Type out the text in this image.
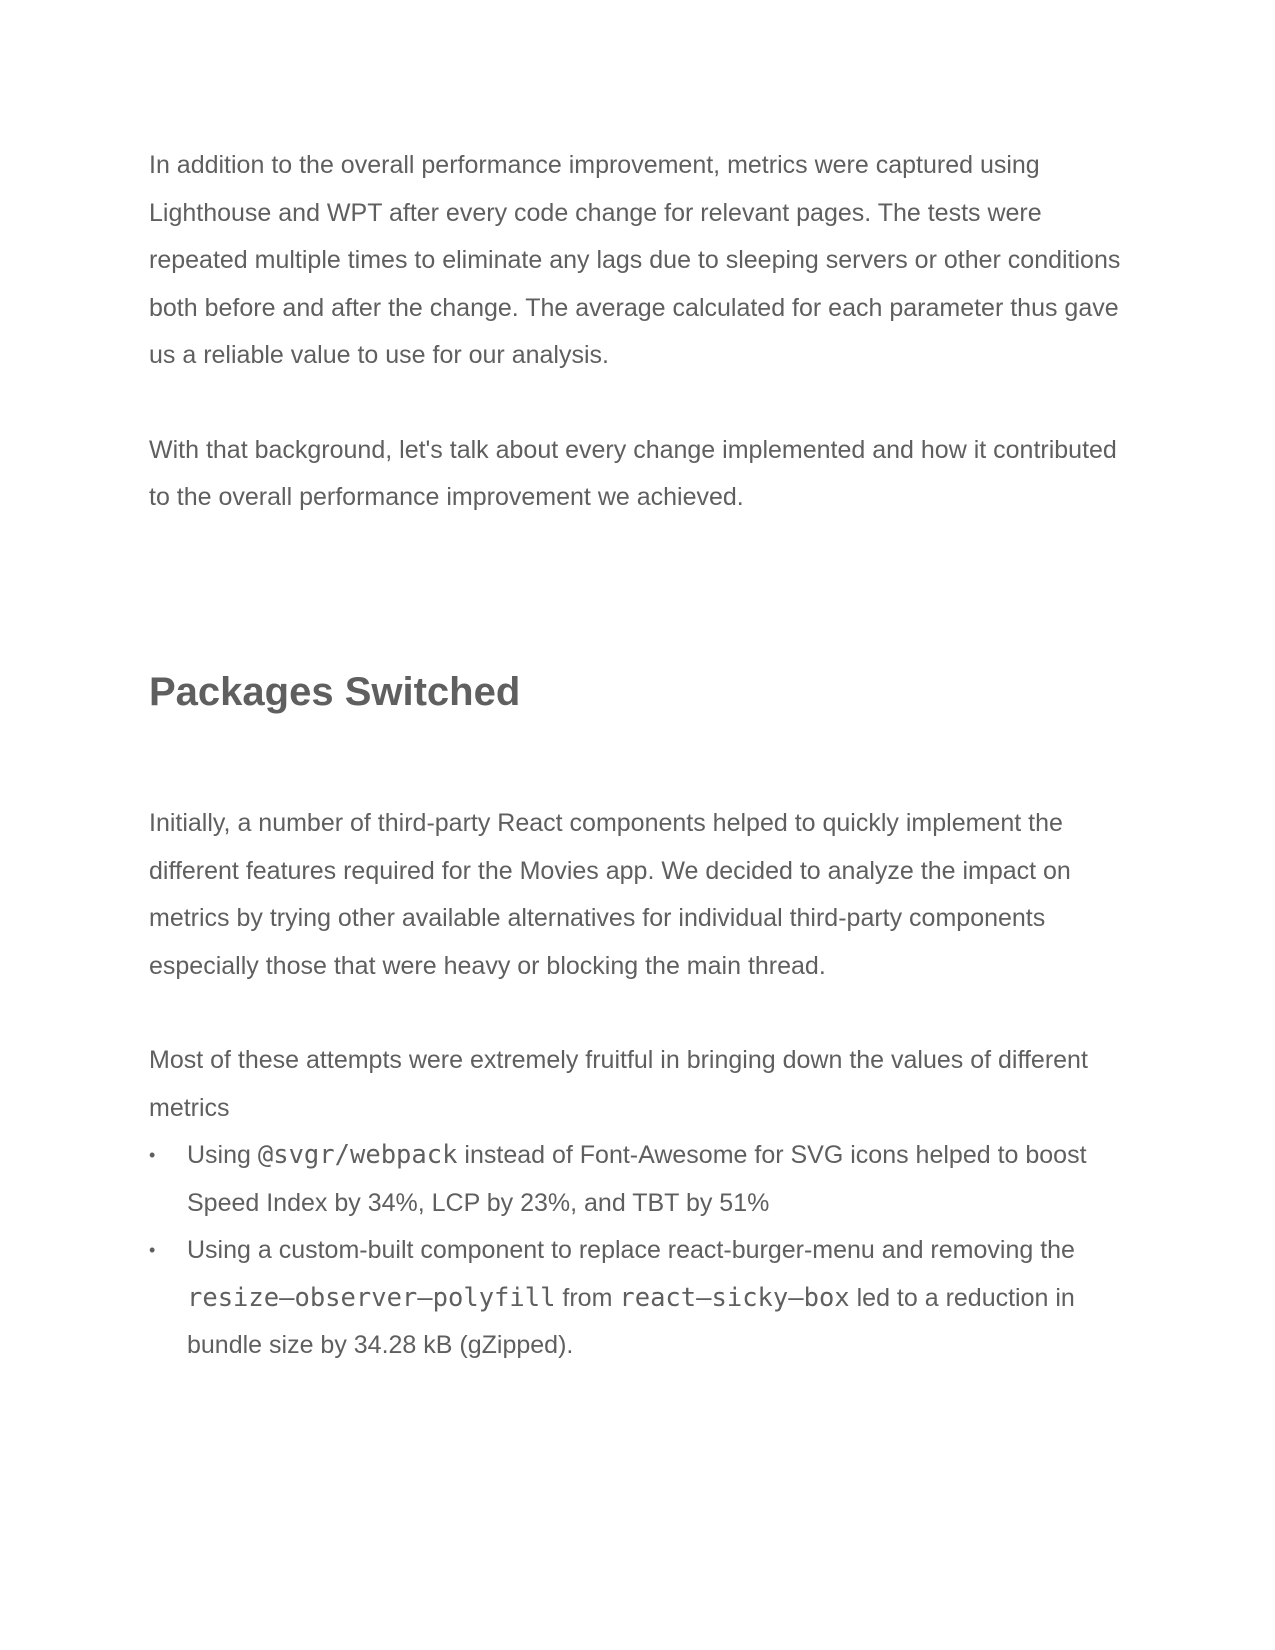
In addition to the overall performance improvement, metrics were captured using Lighthouse and WPT after every code change for relevant pages. The tests were repeated multiple times to eliminate any lags due to sleeping servers or other conditions both before and after the change. The average calculated for each parameter thus gave us a reliable value to use for our analysis.

With that background, let's talk about every change implemented and how it contributed to the overall performance improvement we achieved.

Packages Switched

Initially, a number of third-party React components helped to quickly implement the different features required for the Movies app. We decided to analyze the impact on metrics by trying other available alternatives for individual third-party components especially those that were heavy or blocking the main thread.

Most of these attempts were extremely fruitful in bringing down the values of different metrics

• Using @svgr/webpack instead of Font-Awesome for SVG icons helped to boost Speed Index by 34%, LCP by 23%, and TBT by 51%
• Using a custom-built component to replace react-burger-menu and removing the resize–observer–polyfill from react–sicky–box led to a reduction in bundle size by 34.28 kB (gZipped).
